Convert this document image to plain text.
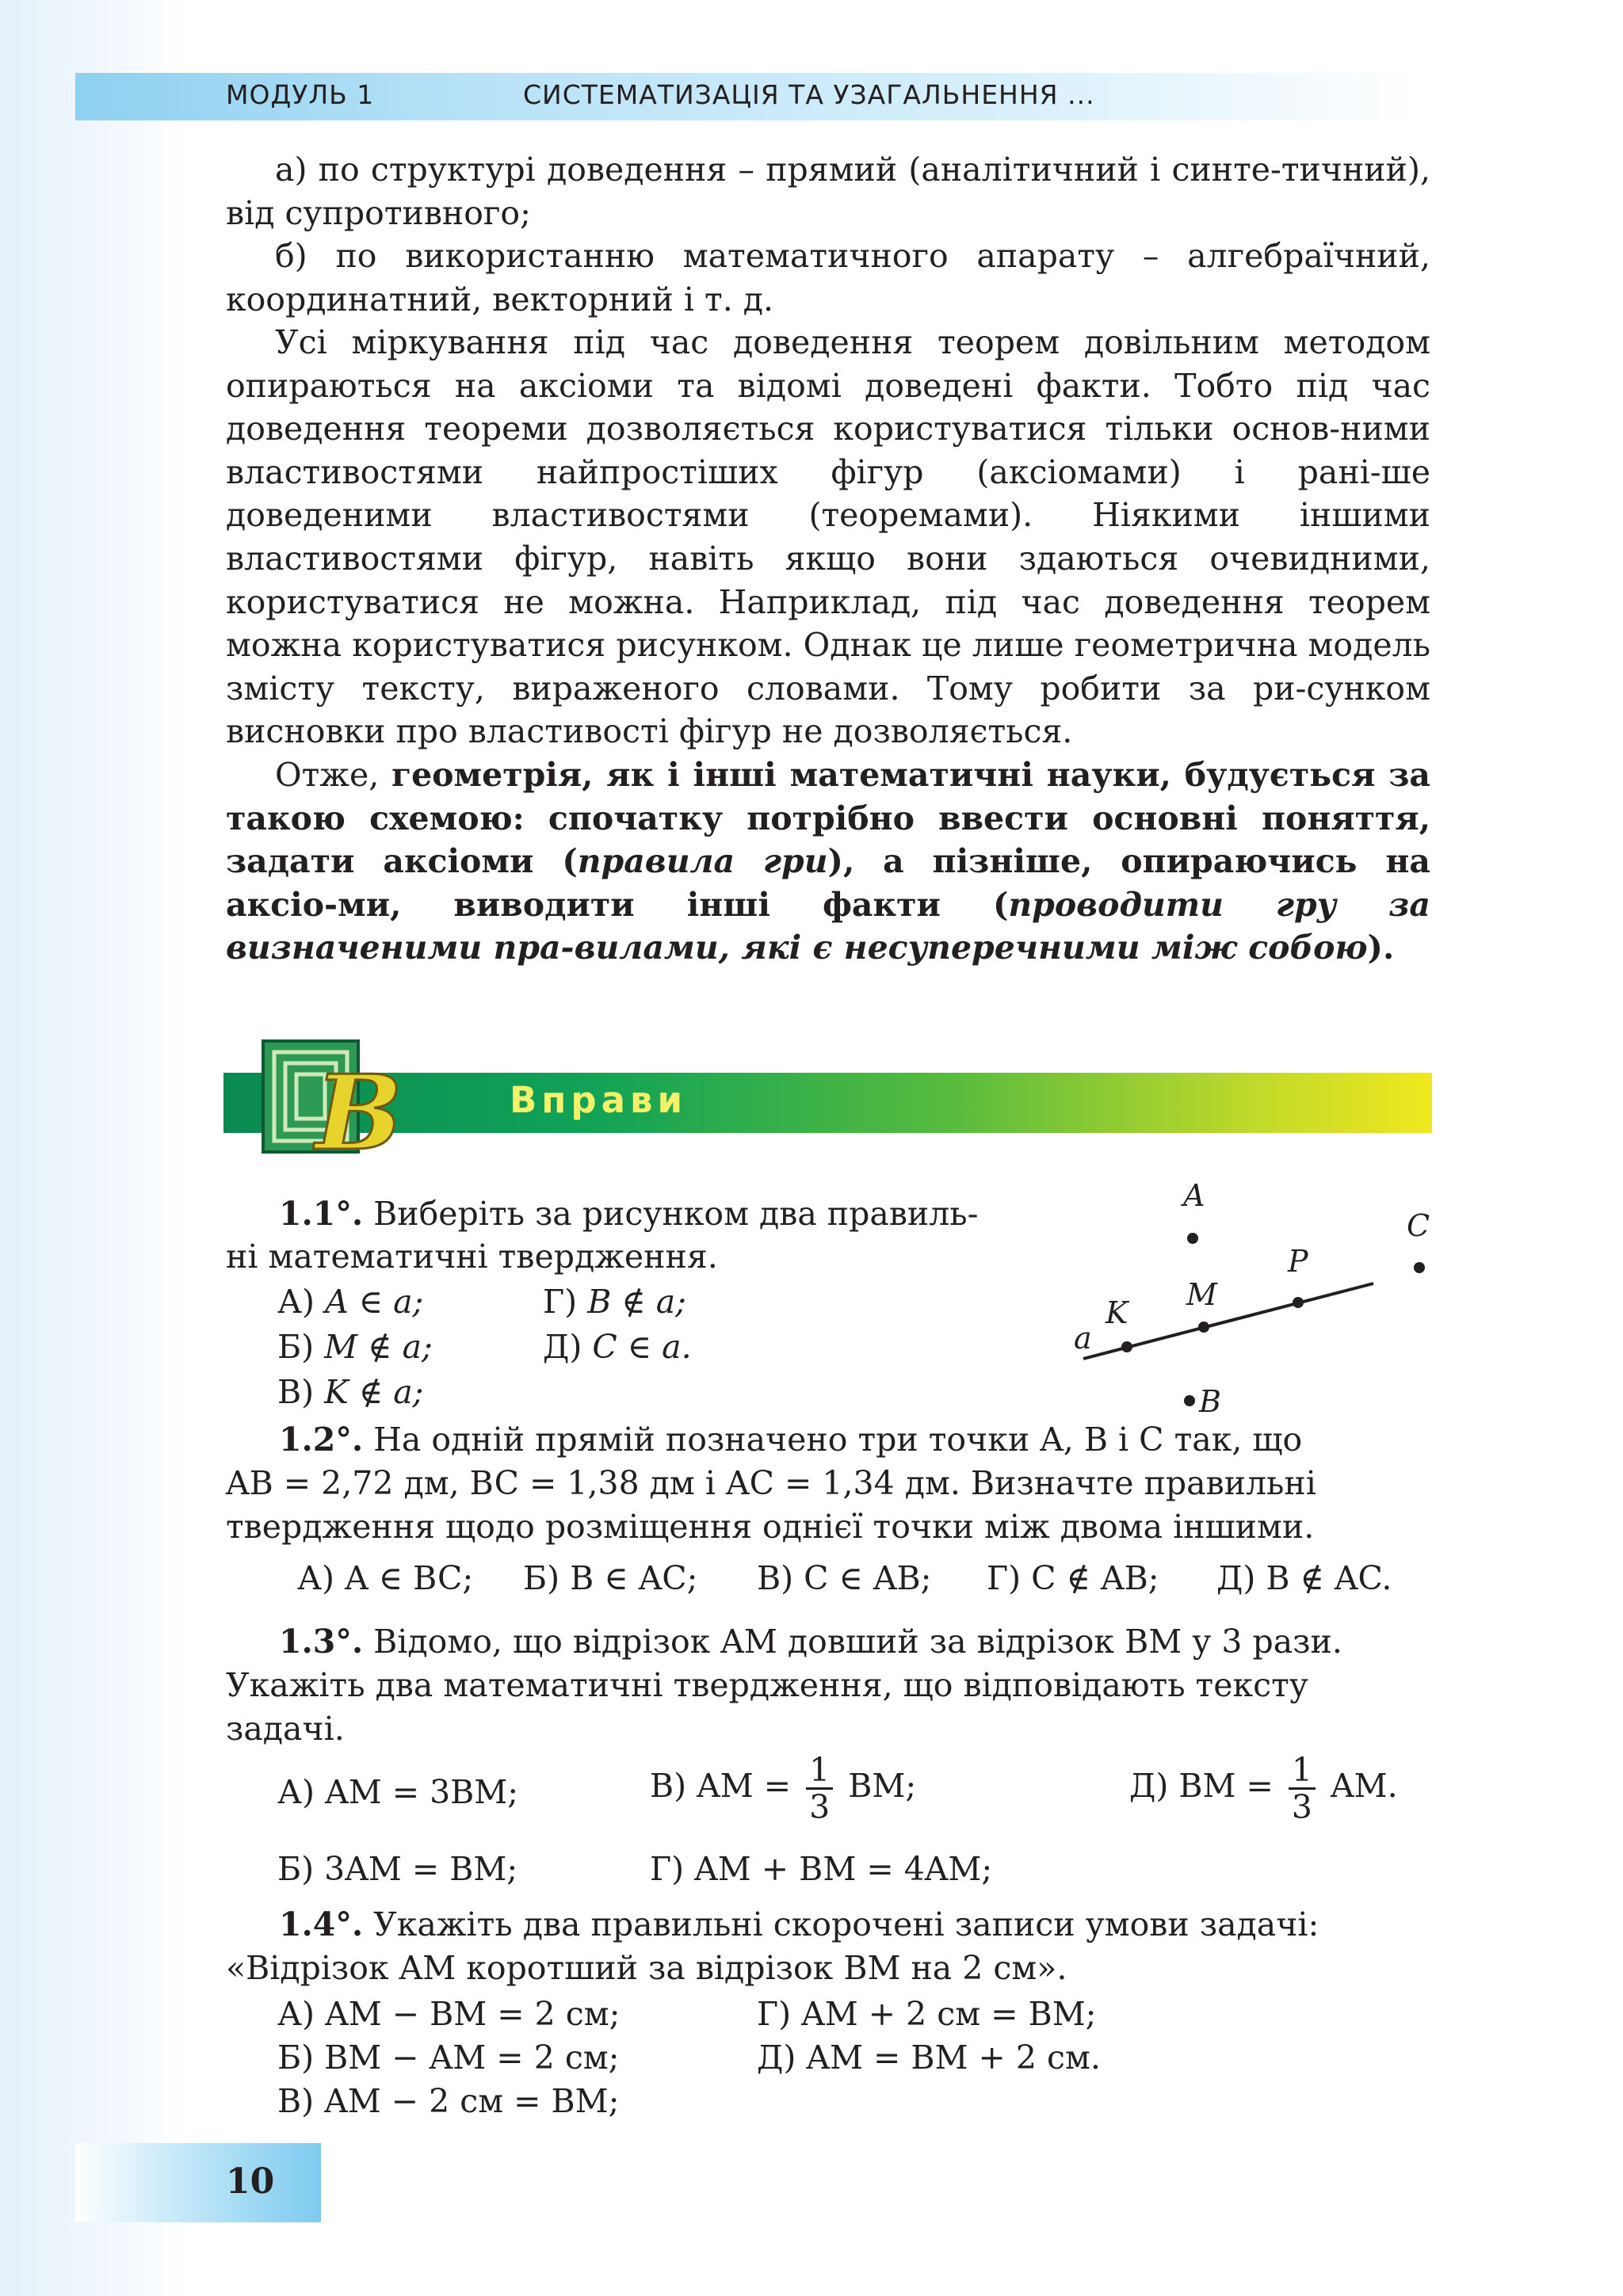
МОДУЛЬ 1	СИСТЕМАТИЗАЦІЯ ТА УЗАГАЛЬНЕННЯ ...

а) по структурі доведення – прямий (аналітичний і синте-тичний), від супротивного;

б) по використанню математичного апарату – алгебраїчний, координатний, векторний і т. д.

Усі міркування під час доведення теорем довільним методом опираються на аксіоми та відомі доведені факти. Тобто під час доведення теореми дозволяється користуватися тільки основ-ними властивостями найпростіших фігур (аксіомами) і рані-ше доведеними властивостями (теоремами). Ніякими іншими властивостями фігур, навіть якщо вони здаються очевидними, користуватися не можна. Наприклад, під час доведення теорем можна користуватися рисунком. Однак це лише геометрична модель змісту тексту, вираженого словами. Тому робити за ри-сунком висновки про властивості фігур не дозволяється.

Отже, геометрія, як і інші математичні науки, будується за такою схемою: спочатку потрібно ввести основні поняття, задати аксіоми (правила гри), а пізніше, опираючись на аксіо-ми, виводити інші факти (проводити гру за визначеними пра-вилами, які є несуперечними між собою).

В	Вправи
1.1°. Виберіть за рисунком два правиль-
ні математичні твердження.
А) A ∈ a;	Г) B ∉ a;
Б) M ∉ a;	Д) C ∈ a.
В) K ∉ a;
A
C
P
M
K
a
B
1.2°. На одній прямій позначено три точки A, B і C так, що
AB = 2,72 дм, BC = 1,38 дм і AC = 1,34 дм. Визначте правильні
твердження щодо розміщення однієї точки між двома іншими.
А) A ∈ BC; Б) B ∈ AC; В) C ∈ AB; Г) C ∉ AB; Д) B ∉ AC.
1.3°. Відомо, що відрізок AM довший за відрізок BM у 3 рази.
Укажіть два математичні твердження, що відповідають тексту
задачі.
А) AM = 3BM;	В) AM = $\frac{1}{3}$ BM;	Д) BM = $\frac{1}{3}$ AM.
Б) 3AM = BM;	Г) AM + BM = 4AM;
1.4°. Укажіть два правильні скорочені записи умови задачі:
«Відрізок AM коротший за відрізок BM на 2 см».
А) AM − BM = 2 см;	Г) AM + 2 см = BM;
Б) BM − AM = 2 см;	Д) AM = BM + 2 см.
В) AM − 2 см = BM;
10
